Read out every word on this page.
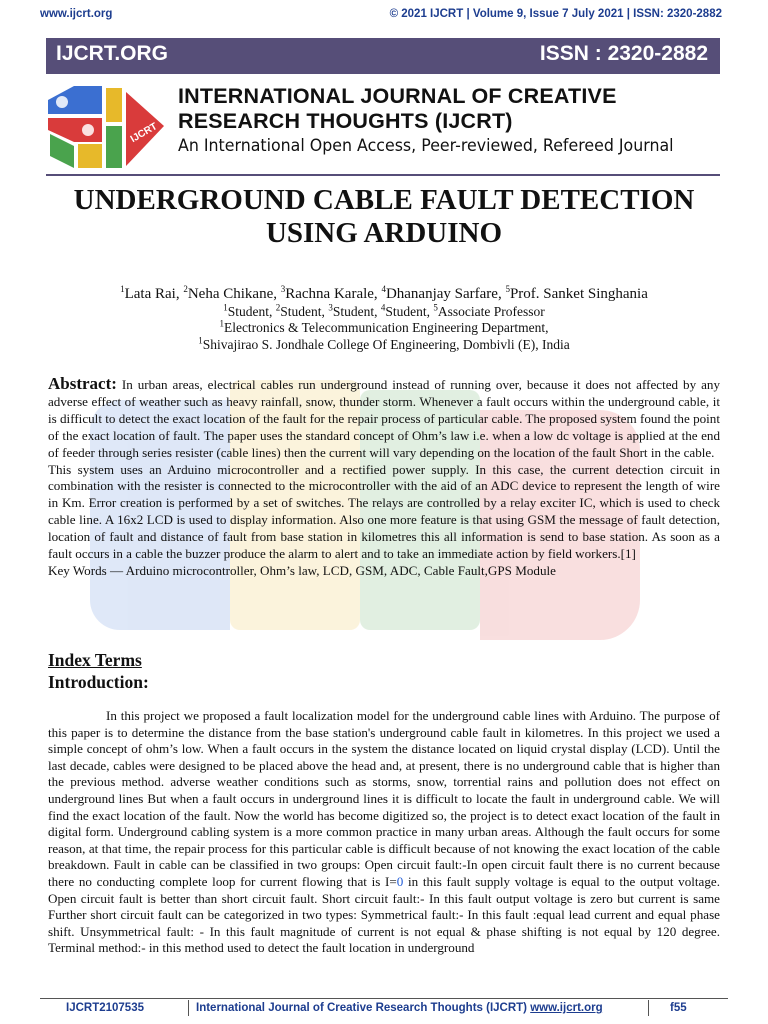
www.ijcrt.org	© 2021 IJCRT | Volume 9, Issue 7 July 2021 | ISSN: 2320-2882
IJCRT.ORG	ISSN : 2320-2882
IJCRT
INTERNATIONAL JOURNAL OF CREATIVE
RESEARCH THOUGHTS (IJCRT)
An International Open Access, Peer-reviewed, Refereed Journal
UNDERGROUND CABLE FAULT DETECTION
USING ARDUINO
$^1$Lata Rai, $^2$Neha Chikane, $^3$Rachna Karale, $^4$Dhananjay Sarfare, $^5$Prof. Sanket Singhania
$^1$Student, $^2$Student, $^3$Student, $^4$Student, $^5$Associate Professor
$^1$Electronics & Telecommunication Engineering Department,
$^1$Shivajirao S. Jondhale College Of Engineering, Dombivli (E), India

Abstract: In urban areas, electrical cables run underground instead of running over, because it does not affected by any adverse effect of weather such as heavy rainfall, snow, thunder storm. Whenever a fault occurs within the underground cable, it is difficult to detect the exact location of the fault for the repair process of particular cable. The proposed system found the point of the exact location of fault. The paper uses the standard concept of Ohm’s law i.e. when a low dc voltage is applied at the end of feeder through series resister (cable lines) then the current will vary depending on the location of the fault Short in the cable.

This system uses an Arduino microcontroller and a rectified power supply. In this case, the current detection circuit in combination with the resister is connected to the microcontroller with the aid of an ADC device to represent the length of wire in Km. Error creation is performed by a set of switches. The relays are controlled by a relay exciter IC, which is used to check cable line. A 16x2 LCD is used to display information. Also one more feature is that using GSM the message of fault detection, location of fault and distance of fault from base station in kilometres this all information is send to base station. As soon as a fault occurs in a cable the buzzer produce the alarm to alert and to take an immediate action by field workers.[1]

Key Words — Arduino microcontroller, Ohm’s law, LCD, GSM, ADC, Cable Fault,GPS Module

Index Terms
Introduction:

In this project we proposed a fault localization model for the underground cable lines with Arduino. The purpose of this paper is to determine the distance from the base station's underground cable fault in kilometres. In this project we used a simple concept of ohm’s low. When a fault occurs in the system the distance located on liquid crystal display (LCD). Until the last decade, cables were designed to be placed above the head and, at present, there is no underground cable that is higher than the previous method. adverse weather conditions such as storms, snow, torrential rains and pollution does not effect on underground lines But when a fault occurs in underground lines it is difficult to locate the fault in underground cable. We will find the exact location of the fault. Now the world has become digitized so, the project is to detect exact location of the fault in digital form. Underground cabling system is a more common practice in many urban areas. Although the fault occurs for some reason, at that time, the repair process for this particular cable is difficult because of not knowing the exact location of the cable breakdown. Fault in cable can be classified in two groups: Open circuit fault:-In open circuit fault there is no current because there no conducting complete loop for current flowing that is I=0 in this fault supply voltage is equal to the output voltage. Open circuit fault is better than short circuit fault. Short circuit fault:- In this fault output voltage is zero but current is same Further short circuit fault can be categorized in two types: Symmetrical fault:- In this fault :equal lead current and equal phase shift. Unsymmetrical fault: - In this fault magnitude of current is not equal & phase shifting is not equal by 120 degree. Terminal method:- in this method used to detect the fault location in underground

IJCRT2107535	International Journal of Creative Research Thoughts (IJCRT) www.ijcrt.org	f55
